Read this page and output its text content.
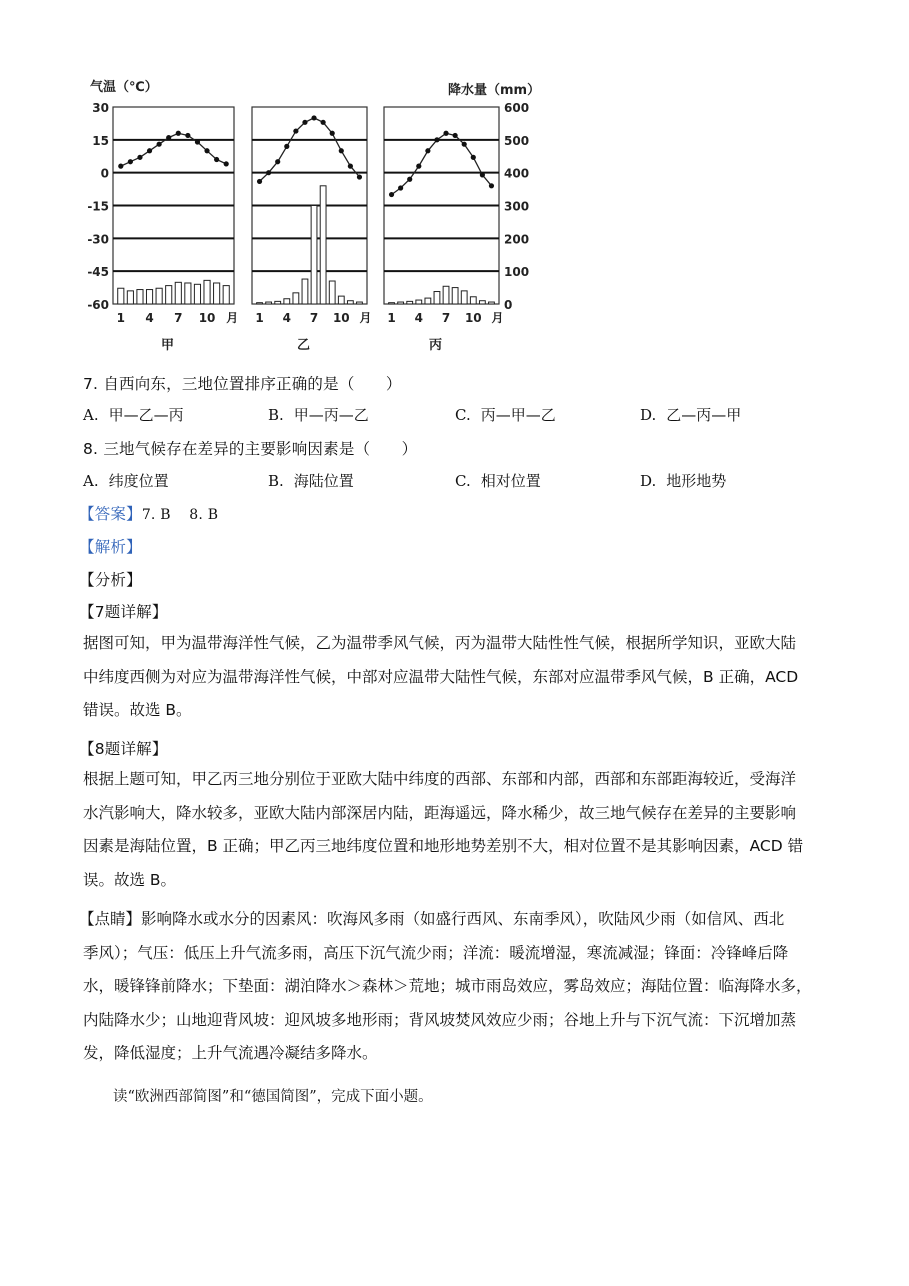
气温（℃）	降水量（mm）
30
15
0
-15
-30
-45
-60
600
500
400
300
200
100
0
1 4 7 10 月
甲
1 4 7 10 月
乙
1 4 7 10 月
丙
7. 自西向东，三地位置排序正确的是（　　）
A. 甲—乙—丙	B. 甲—丙—乙	C. 丙—甲—乙	D. 乙—丙—甲
8. 三地气候存在差异的主要影响因素是（　　）
A. 纬度位置	B. 海陆位置	C. 相对位置	D. 地形地势
【答案】7. B    8. B
【解析】
【分析】
【7题详解】
据图可知，甲为温带海洋性气候，乙为温带季风气候，丙为温带大陆性性气候，根据所学知识，亚欧大陆
中纬度西侧为对应为温带海洋性气候，中部对应温带大陆性气候，东部对应温带季风气候，B 正确，ACD
错误。故选 B。
【8题详解】
根据上题可知，甲乙丙三地分别位于亚欧大陆中纬度的西部、东部和内部，西部和东部距海较近，受海洋
水汽影响大，降水较多，亚欧大陆内部深居内陆，距海遥远，降水稀少，故三地气候存在差异的主要影响
因素是海陆位置，B 正确；甲乙丙三地纬度位置和地形地势差别不大，相对位置不是其影响因素，ACD 错
误。故选 B。
【点睛】影响降水或水分的因素风：吹海风多雨（如盛行西风、东南季风），吹陆风少雨（如信风、西北
季风）；气压：低压上升气流多雨，高压下沉气流少雨；洋流：暖流增湿，寒流减湿；锋面：冷锋峰后降
水，暖锋锋前降水；下垫面：湖泊降水＞森林＞荒地；城市雨岛效应，雾岛效应；海陆位置：临海降水多，
内陆降水少；山地迎背风坡：迎风坡多地形雨；背风坡焚风效应少雨；谷地上升与下沉气流：下沉增加蒸
发，降低湿度；上升气流遇冷凝结多降水。
读“欧洲西部简图”和“德国简图”，完成下面小题。
